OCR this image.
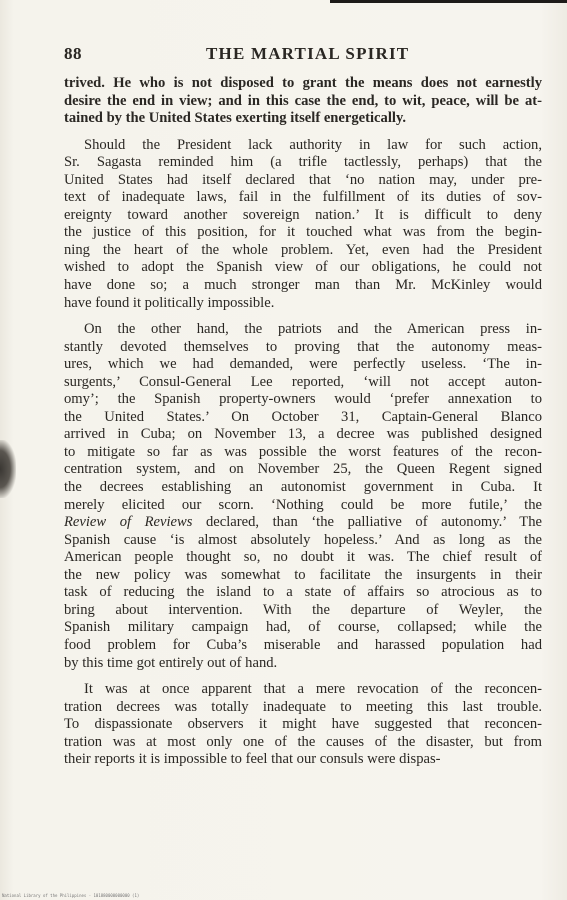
88	THE MARTIAL SPIRIT
trived. He who is not disposed to grant the means does not earnestly
desire the end in view; and in this case the end, to wit, peace, will be at-
tained by the United States exerting itself energetically.
Should the President lack authority in law for such action,
Sr. Sagasta reminded him (a trifle tactlessly, perhaps) that the
United States had itself declared that ‘no nation may, under pre-
text of inadequate laws, fail in the fulfillment of its duties of sov-
ereignty toward another sovereign nation.’ It is difficult to deny
the justice of this position, for it touched what was from the begin-
ning the heart of the whole problem. Yet, even had the President
wished to adopt the Spanish view of our obligations, he could not
have done so; a much stronger man than Mr. McKinley would
have found it politically impossible.
On the other hand, the patriots and the American press in-
stantly devoted themselves to proving that the autonomy meas-
ures, which we had demanded, were perfectly useless. ‘The in-
surgents,’ Consul-General Lee reported, ‘will not accept auton-
omy’; the Spanish property-owners would ‘prefer annexation to
the United States.’ On October 31, Captain-General Blanco
arrived in Cuba; on November 13, a decree was published designed
to mitigate so far as was possible the worst features of the recon-
centration system, and on November 25, the Queen Regent signed
the decrees establishing an autonomist government in Cuba. It
merely elicited our scorn. ‘Nothing could be more futile,’ the
Review of Reviews declared, than ‘the palliative of autonomy.’ The
Spanish cause ‘is almost absolutely hopeless.’ And as long as the
American people thought so, no doubt it was. The chief result of
the new policy was somewhat to facilitate the insurgents in their
task of reducing the island to a state of affairs so atrocious as to
bring about intervention. With the departure of Weyler, the
Spanish military campaign had, of course, collapsed; while the
food problem for Cuba’s miserable and harassed population had
by this time got entirely out of hand.
It was at once apparent that a mere revocation of the reconcen-
tration decrees was totally inadequate to meeting this last trouble.
To dispassionate observers it might have suggested that reconcen-
tration was at most only one of the causes of the disaster, but from
their reports it is impossible to feel that our consuls were dispas-
National Library of the Philippines · 101880000000000 (1)
